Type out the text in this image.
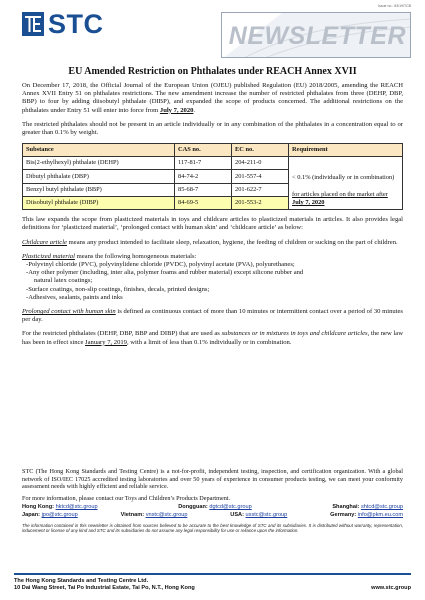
Issue no.: 83/19/TCB
STC	NEWSLETTER
EU Amended Restriction on Phthalates under REACH Annex XVII

On December 17, 2018, the Official Journal of the European Union (OJEU) published Regulation (EU) 2018/2005, amending the REACH Annex XVII Entry 51 on phthalates restrictions. The new amendment increase the number of restricted phthalates from three (DEHP, DBP, BBP) to four by adding diisobutyl phthalate (DIBP), and expanded the scope of products concerned. The additional restrictions on the phthalates under Entry 51 will enter into force from July 7, 2020.

The restricted phthalates should not be present in an article individually or in any combination of the phthalates in a concentration equal to or greater than 0.1% by weight.

Substance	CAS no.	EC no.	Requirement
Bis(2-ethylhexyl) phthalate (DEHP)	117-81-7	204-211-0	< 0.1% (individually or in combination)
for articles placed on the market after July 7, 2020

Dibutyl phthalate (DBP)	84-74-2	201-557-4	
Benzyl butyl phthalate (BBP)	85-68-7	201-622-7	
Diisobutyl phthalate (DIBP)	84-69-5	201-553-2	

This law expands the scope from plasticized materials in toys and childcare articles to plasticized materials in articles. It also provides legal definitions for ‘plasticized material’, ‘prolonged contact with human skin’ and ‘childcare article’ as below:

Childcare article means any product intended to facilitate sleep, relaxation, hygiene, the feeding of children or sucking on the part of children.

Plasticized material means the following homogeneous materials:

-Polyvinyl chloride (PVC), polyvinylidene chloride (PVDC), polyvinyl acetate (PVA), polyurethanes;
-Any other polymer (including, inter alia, polymer foams and rubber material) except silicone rubber and
natural latex coatings;
-Surface coatings, non-slip coatings, finishes, decals, printed designs;
-Adhesives, sealants, paints and inks

Prolonged contact with human skin is defined as continuous contact of more than 10 minutes or intermittent contact over a period of 30 minutes per day.

For the restricted phthalates (DEHP, DBP, BBP and DIBP) that are used as substances or in mixtures in toys and childcare articles, the new law has been in effect since January 7, 2019, with a limit of less than 0.1% individually or in combination.

STC (The Hong Kong Standards and Testing Centre) is a not-for-profit, independent testing, inspection, and certification organization. With a global network of ISO/IEC 17025 accredited testing laboratories and over 50 years of experience in consumer products testing, we can meet your conformity assessment needs with highly efficient and reliable service.

For more information, please contact our Toys and Children’s Products Department.

Hong Kong: hktcd@stc.group	Dongguan: dgtcd@stc.group	Shanghai: shtcd@stc.group
Japan: jpo@stc.group	Vietnam: vnstc@stc.group	USA: usstc@stc.group	Germany: info@pkm.eu.com

The information contained in this newsletter is obtained from sources believed to be accurate to the best knowledge of STC and its subsidiaries. It is distributed without warranty, representation, inducement or license of any kind and STC and its subsidiaries do not assume any legal responsibility for use or reliance upon the information.

The Hong Kong Standards and Testing Centre Ltd.
10 Dai Wang Street, Tai Po Industrial Estate, Tai Po, N.T., Hong Kong	www.stc.group
